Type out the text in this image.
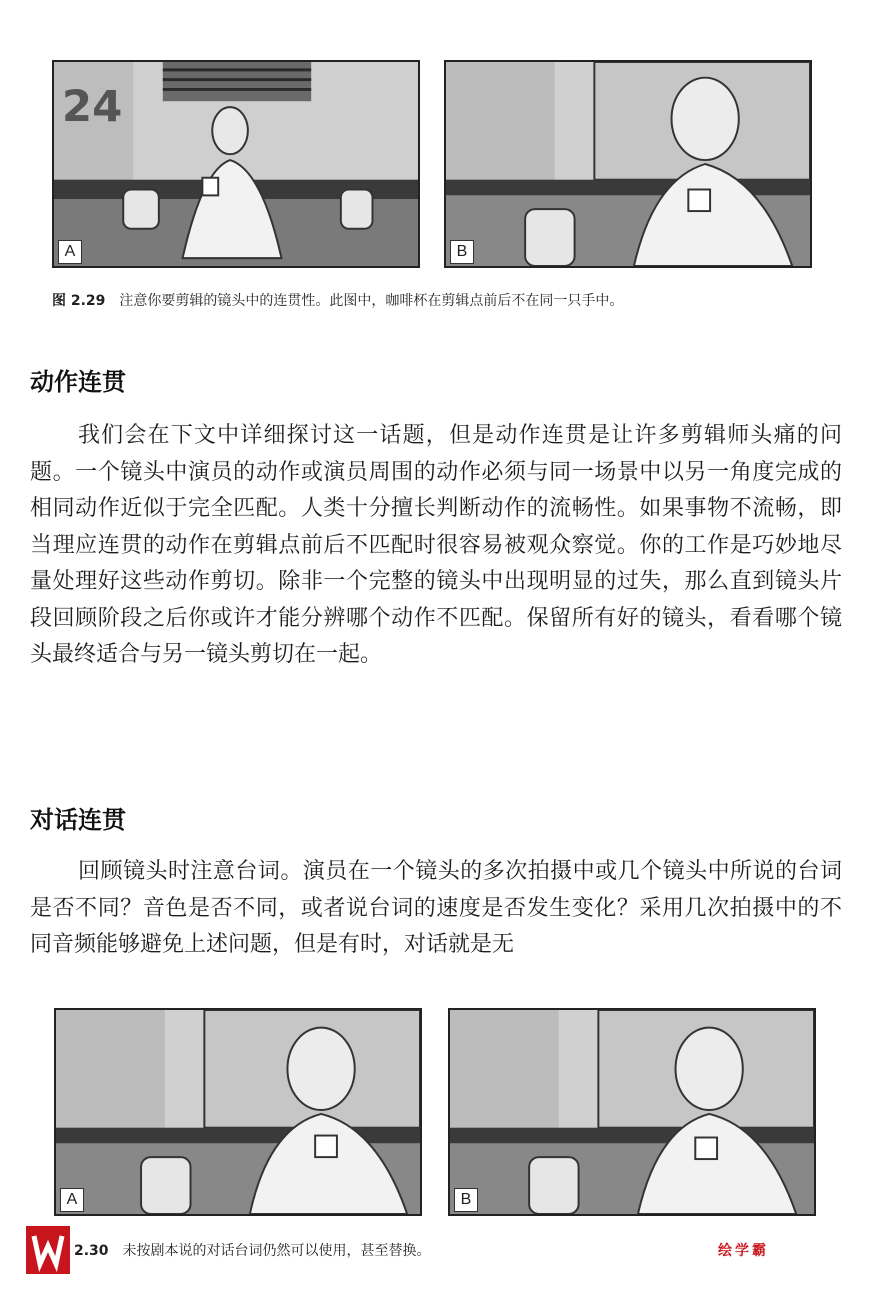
24
A	B
图 2.29 注意你要剪辑的镜头中的连贯性。此图中，咖啡杯在剪辑点前后不在同一只手中。
动作连贯

我们会在下文中详细探讨这一话题，但是动作连贯是让许多剪辑师头痛的问题。一个镜头中演员的动作或演员周围的动作必须与同一场景中以另一角度完成的相同动作近似于完全匹配。人类十分擅长判断动作的流畅性。如果事物不流畅，即当理应连贯的动作在剪辑点前后不匹配时很容易被观众察觉。你的工作是巧妙地尽量处理好这些动作剪切。除非一个完整的镜头中出现明显的过失，那么直到镜头片段回顾阶段之后你或许才能分辨哪个动作不匹配。保留所有好的镜头，看看哪个镜头最终适合与另一镜头剪切在一起。

对话连贯

回顾镜头时注意台词。演员在一个镜头的多次拍摄中或几个镜头中所说的台词是否不同？音色是否不同，或者说台词的速度是否发生变化？采用几次拍摄中的不同音频能够避免上述问题，但是有时，对话就是无

A	B
2.30 未按剧本说的对话台词仍然可以使用，甚至替换。	绘学霸
